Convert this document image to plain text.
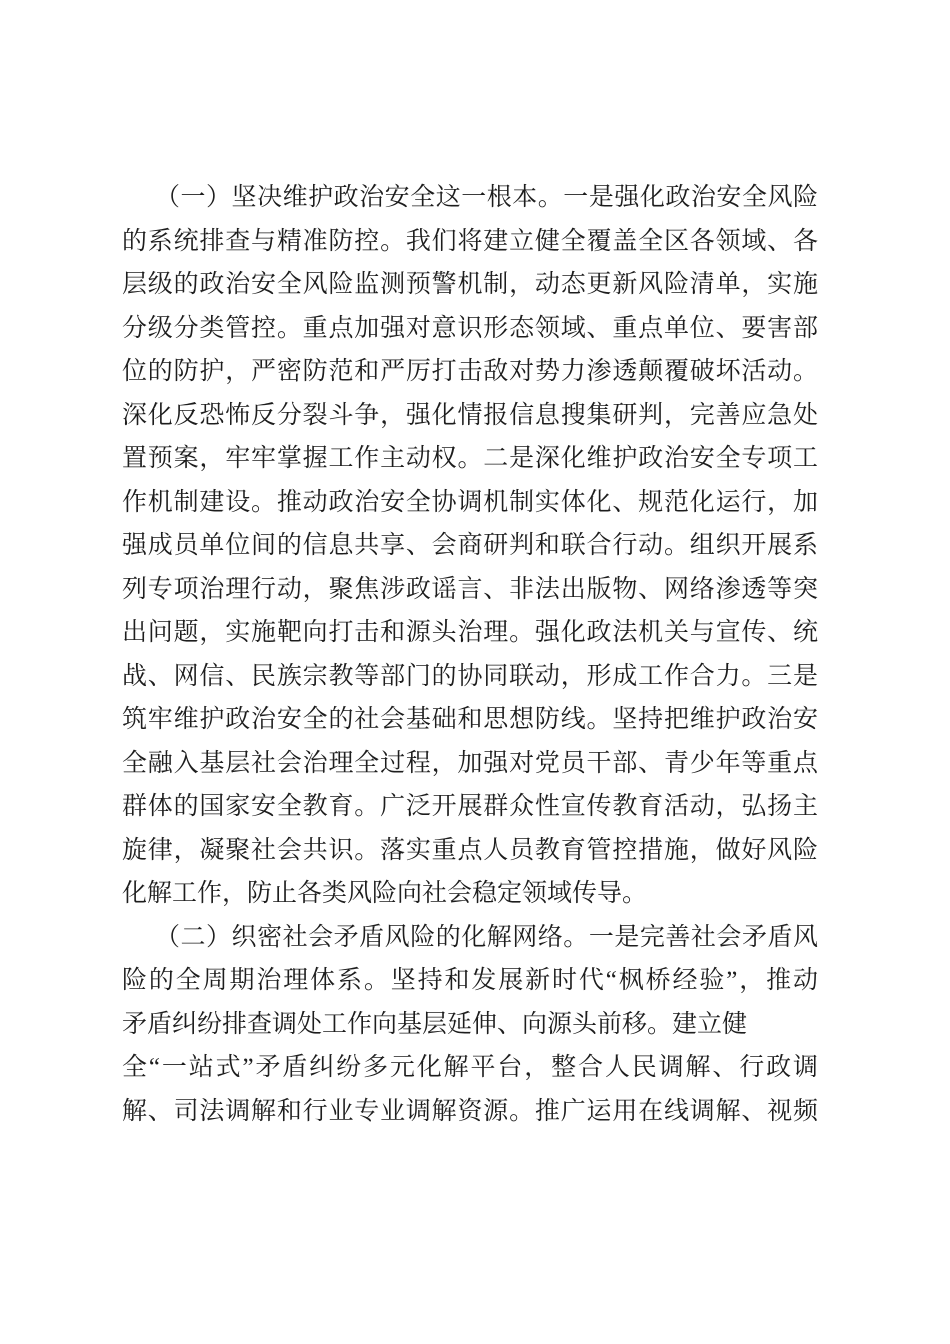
（一）坚决维护政治安全这一根本。一是强化政治安全风险
的系统排查与精准防控。我们将建立健全覆盖全区各领域、各
层级的政治安全风险监测预警机制，动态更新风险清单，实施
分级分类管控。重点加强对意识形态领域、重点单位、要害部
位的防护，严密防范和严厉打击敌对势力渗透颠覆破坏活动。
深化反恐怖反分裂斗争，强化情报信息搜集研判，完善应急处
置预案，牢牢掌握工作主动权。二是深化维护政治安全专项工
作机制建设。推动政治安全协调机制实体化、规范化运行，加
强成员单位间的信息共享、会商研判和联合行动。组织开展系
列专项治理行动，聚焦涉政谣言、非法出版物、网络渗透等突
出问题，实施靶向打击和源头治理。强化政法机关与宣传、统
战、网信、民族宗教等部门的协同联动，形成工作合力。三是
筑牢维护政治安全的社会基础和思想防线。坚持把维护政治安
全融入基层社会治理全过程，加强对党员干部、青少年等重点
群体的国家安全教育。广泛开展群众性宣传教育活动，弘扬主
旋律，凝聚社会共识。落实重点人员教育管控措施，做好风险
化解工作，防止各类风险向社会稳定领域传导。
（二）织密社会矛盾风险的化解网络。一是完善社会矛盾风
险的全周期治理体系。坚持和发展新时代“枫桥经验”，推动
矛盾纠纷排查调处工作向基层延伸、向源头前移。建立健
全“一站式”矛盾纠纷多元化解平台，整合人民调解、行政调
解、司法调解和行业专业调解资源。推广运用在线调解、视频
